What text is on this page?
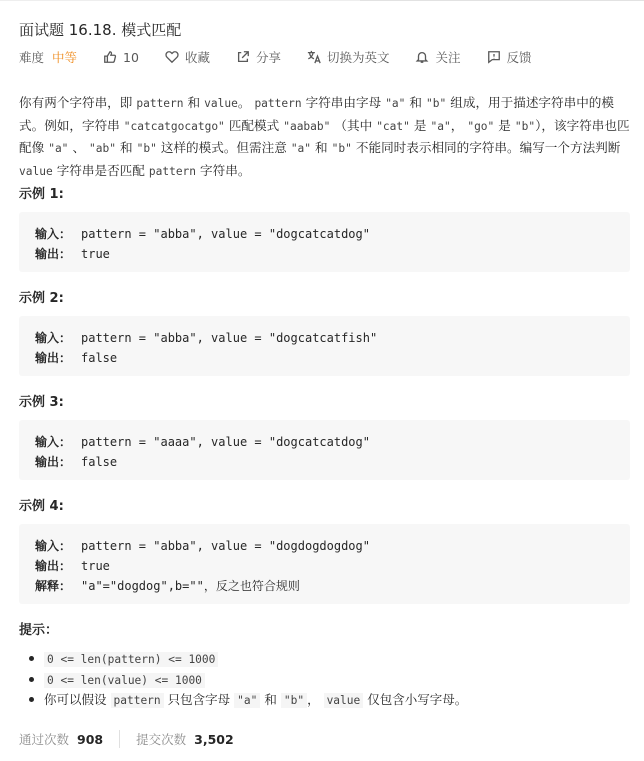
面试题 16.18. 模式匹配
难度 中等	10	收藏	分享	切换为英文	关注	反馈

你有两个字符串，即 pattern 和 value。 pattern 字符串由字母 "a" 和 "b" 组成，用于描述字符串中的模式。例如，字符串 "catcatgocatgo" 匹配模式 "aabab" （其中 "cat" 是 "a"， "go" 是 "b"），该字符串也匹配像 "a" 、 "ab" 和 "b" 这样的模式。但需注意 "a" 和 "b" 不能同时表示相同的字符串。编写一个方法判断 value 字符串是否匹配 pattern 字符串。

示例 1:
输入： pattern = "abba", value = "dogcatcatdog"
输出： true
示例 2:
输入： pattern = "abba", value = "dogcatcatfish"
输出： false
示例 3:
输入： pattern = "aaaa", value = "dogcatcatdog"
输出： false
示例 4:
输入： pattern = "abba", value = "dogdogdogdog"
输出： true
解释： "a"="dogdog",b=""，反之也符合规则
提示：
0 <= len(pattern) <= 1000
0 <= len(value) <= 1000
你可以假设 pattern 只包含字母 "a" 和 "b" ， value 仅包含小写字母。
通过次数 908	提交次数 3,502
